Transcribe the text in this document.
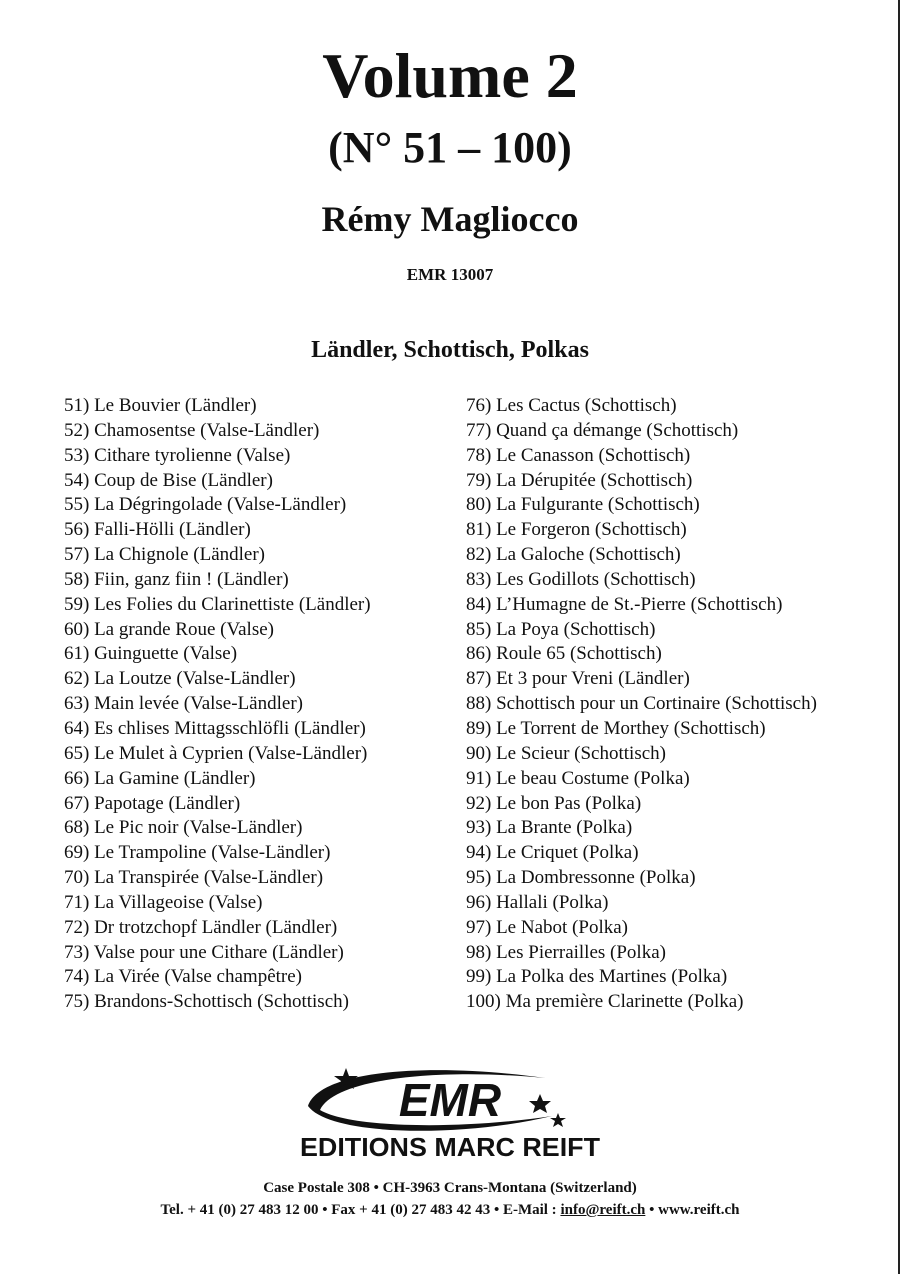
Volume 2
(N° 51 – 100)
Rémy Magliocco
EMR 13007
Ländler, Schottisch, Polkas
51) Le Bouvier (Ländler)
52) Chamosentse (Valse-Ländler)
53) Cithare tyrolienne (Valse)
54) Coup de Bise (Ländler)
55) La Dégringolade (Valse-Ländler)
56) Falli-Hölli (Ländler)
57) La Chignole (Ländler)
58) Fiin, ganz fiin ! (Ländler)
59) Les Folies du Clarinettiste (Ländler)
60) La grande Roue (Valse)
61) Guinguette (Valse)
62) La Loutze (Valse-Ländler)
63) Main levée (Valse-Ländler)
64) Es chlises Mittagsschlöfli (Ländler)
65) Le Mulet à Cyprien (Valse-Ländler)
66) La Gamine (Ländler)
67) Papotage (Ländler)
68) Le Pic noir (Valse-Ländler)
69) Le Trampoline (Valse-Ländler)
70) La Transpirée (Valse-Ländler)
71) La Villageoise (Valse)
72) Dr trotzchopf Ländler (Ländler)
73) Valse pour une Cithare (Ländler)
74) La Virée (Valse champêtre)
75) Brandons-Schottisch (Schottisch)
76) Les Cactus (Schottisch)
77) Quand ça démange (Schottisch)
78) Le Canasson (Schottisch)
79) La Dérupitée (Schottisch)
80) La Fulgurante (Schottisch)
81) Le Forgeron (Schottisch)
82) La Galoche (Schottisch)
83) Les Godillots (Schottisch)
84) L’Humagne de St.-Pierre (Schottisch)
85) La Poya (Schottisch)
86) Roule 65 (Schottisch)
87) Et 3 pour Vreni (Ländler)
88) Schottisch pour un Cortinaire (Schottisch)
89) Le Torrent de Morthey (Schottisch)
90) Le Scieur (Schottisch)
91) Le beau Costume (Polka)
92) Le bon Pas (Polka)
93) La Brante (Polka)
94) Le Criquet (Polka)
95) La Dombressonne (Polka)
96) Hallali (Polka)
97) Le Nabot (Polka)
98) Les Pierrailles (Polka)
99) La Polka des Martines (Polka)
100) Ma première Clarinette (Polka)
EMR
EDITIONS MARC REIFT
Case Postale 308 • CH-3963 Crans-Montana (Switzerland)
Tel. + 41 (0) 27 483 12 00 • Fax + 41 (0) 27 483 42 43 • E-Mail : info@reift.ch • www.reift.ch
